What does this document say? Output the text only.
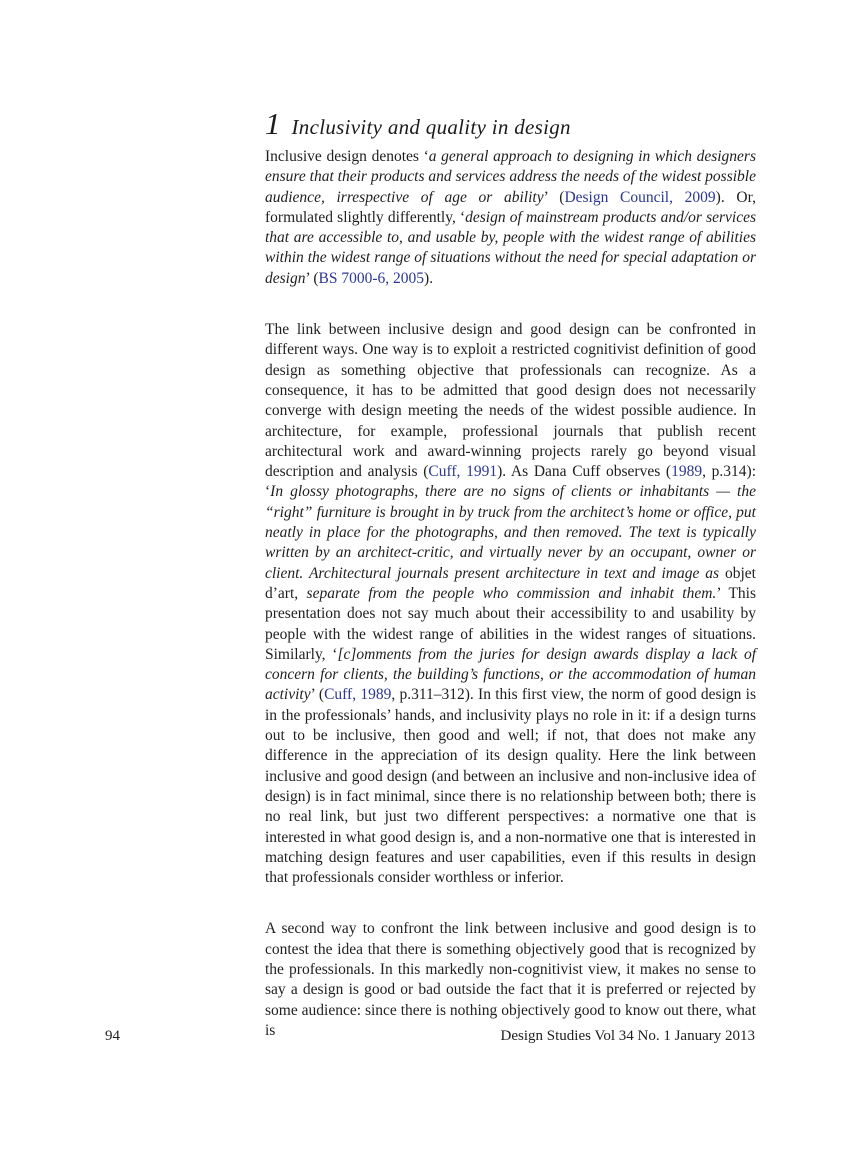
1 Inclusivity and quality in design

Inclusive design denotes ‘a general approach to designing in which designers ensure that their products and services address the needs of the widest possible audience, irrespective of age or ability’ (Design Council, 2009). Or, formulated slightly differently, ‘design of mainstream products and/or services that are accessible to, and usable by, people with the widest range of abilities within the widest range of situations without the need for special adaptation or design’ (BS 7000-6, 2005).

The link between inclusive design and good design can be confronted in different ways. One way is to exploit a restricted cognitivist definition of good design as something objective that professionals can recognize. As a consequence, it has to be admitted that good design does not necessarily converge with design meeting the needs of the widest possible audience. In architecture, for example, professional journals that publish recent architectural work and award-winning projects rarely go beyond visual description and analysis (Cuff, 1991). As Dana Cuff observes (1989, p.314): ‘In glossy photographs, there are no signs of clients or inhabitants — the “right” furniture is brought in by truck from the architect’s home or office, put neatly in place for the photographs, and then removed. The text is typically written by an architect-critic, and virtually never by an occupant, owner or client. Architectural journals present architecture in text and image as objet d’art, separate from the people who commission and inhabit them.’ This presentation does not say much about their accessibility to and usability by people with the widest range of abilities in the widest ranges of situations. Similarly, ‘[c]omments from the juries for design awards display a lack of concern for clients, the building’s functions, or the accommodation of human activity’ (Cuff, 1989, p.311–312). In this first view, the norm of good design is in the professionals’ hands, and inclusivity plays no role in it: if a design turns out to be inclusive, then good and well; if not, that does not make any difference in the appreciation of its design quality. Here the link between inclusive and good design (and between an inclusive and non-inclusive idea of design) is in fact minimal, since there is no relationship between both; there is no real link, but just two different perspectives: a normative one that is interested in what good design is, and a non-normative one that is interested in matching design features and user capabilities, even if this results in design that professionals consider worthless or inferior.

A second way to confront the link between inclusive and good design is to contest the idea that there is something objectively good that is recognized by the professionals. In this markedly non-cognitivist view, it makes no sense to say a design is good or bad outside the fact that it is preferred or rejected by some audience: since there is nothing objectively good to know out there, what is

94	Design Studies Vol 34 No. 1 January 2013
